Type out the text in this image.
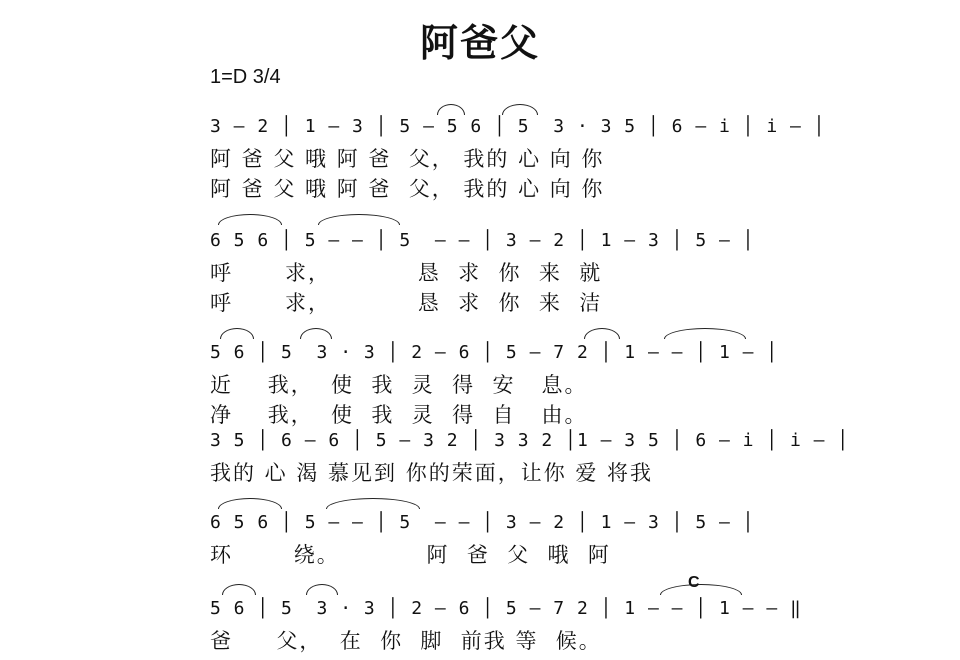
阿爸父
1=D 3/4
3 – 2 │ 1 – 3 │ 5 – 5 6 │ 5  3 · 3 5 │ 6 – i │ i – │
阿 爸 父 哦 阿 爸  父， 我的 心 向 你
阿 爸 父 哦 阿 爸  父， 我的 心 向 你
6 5 6 │ 5 – – │ 5  – – │ 3 – 2 │ 1 – 3 │ 5 – │
呼      求，          恳  求  你  来  就
呼      求，          恳  求  你  来  洁
5 6 │ 5  3 · 3 │ 2 – 6 │ 5 – 7 2 │ 1 – – │ 1 – │
近    我，  使  我  灵  得  安   息。
净    我，  使  我  灵  得  自   由。
3 5 │ 6 – 6 │ 5 – 3 2 │ 3 3 2 │1 – 3 5 │ 6 – i │ i – │
我的 心 渴 慕见到 你的荣面，让你 爱 将我
6 5 6 │ 5 – – │ 5  – – │ 3 – 2 │ 1 – 3 │ 5 – │
环       绕。          阿  爸  父  哦  阿
5 6 │ 5  3 · 3 │ 2 – 6 │ 5 – 7 2 │ 1 – – │ 1 – – ‖
爸     父，  在  你  脚  前我 等  候。
C
